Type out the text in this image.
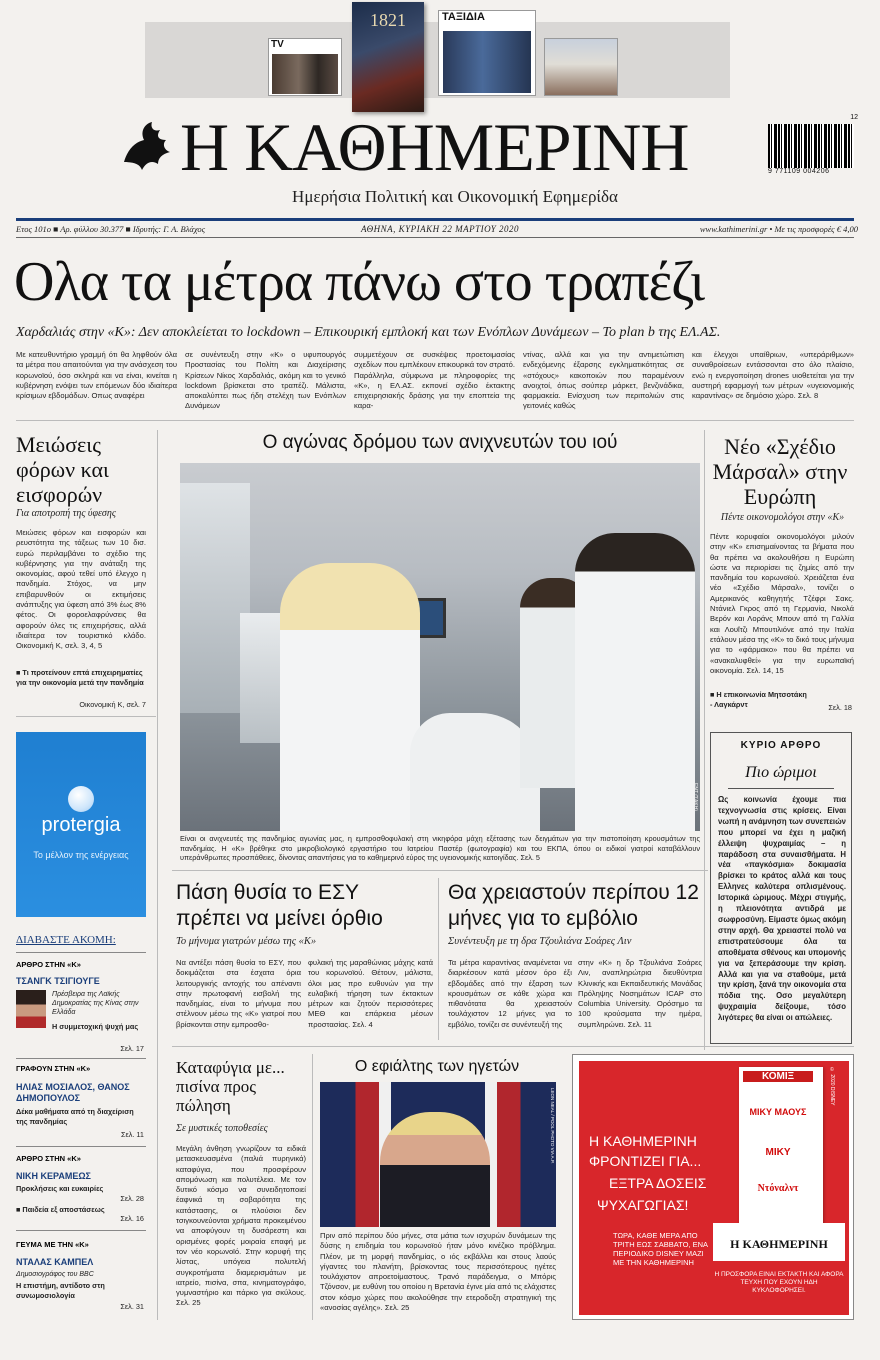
TV
1821	ΤΑΞΙΔΙΑ
Η ΚΑΘΗΜΕΡΙΝΗ
Ημερήσια Πολιτική και Οικονομική Εφημερίδα
12
9 771109 004206
Ετος 101ο ■ Αρ. φύλλου 30.377 ■ Ιδρυτής: Γ. Α. Βλάχος	ΑΘΗΝΑ, ΚΥΡΙΑΚΗ 22 ΜΑΡΤΙΟΥ 2020	www.kathimerini.gr • Με τις προσφορές € 4,00
Ολα τα μέτρα πάνω στο τραπέζι
Χαρδαλιάς στην «Κ»: Δεν αποκλείεται το lockdown – Επικουρική εμπλοκή και των Ενόπλων Δυνάμεων – Το plan b της ΕΛ.ΑΣ.
Με κατευθυντήριο γραμμή ότι θα ληφθούν όλα τα μέτρα που απαιτούνται για την ανάσχεση του κορωνοϊού, όσο σκληρά και να είναι, κινείται η κυβέρνηση ενόψει των επόμενων δύο ιδιαίτερα κρίσιμων εβδομάδων. Οπως αναφέρει
σε συνέντευξη στην «Κ» ο υφυπουργός Προστασίας του Πολίτη και Διαχείρισης Κρίσεων Νίκος Χαρδαλιάς, ακόμη και το γενικό lockdown βρίσκεται στο τραπέζι. Μάλιστα, αποκαλύπτει πως ήδη στελέχη των Ενόπλων Δυνάμεων
συμμετέχουν σε συσκέψεις προετοιμασίας σχεδίων που εμπλέκουν επικουρικά τον στρατό. Παράλληλα, σύμφωνα με πληροφορίες της «Κ», η ΕΛ.ΑΣ. εκπονεί σχέδιο έκτακτης επιχειρησιακής δράσης για την εποπτεία της καρα-
ντίνας, αλλά και για την αντιμετώπιση ενδεχόμενης έξαρσης εγκληματικότητας σε «στόχους» κακοποιών που παραμένουν ανοιχτοί, όπως σούπερ μάρκετ, βενζινάδικα, φαρμακεία. Ενίσχυση των περιπολιών στις γειτονιές καθώς
και έλεγχοι υπαίθριων, «υπεράριθμων» συναθροίσεων εντάσσονται στο όλο πλαίσιο, ενώ η ενεργοποίηση drones υιοθετείται για την αυστηρή εφαρμογή των μέτρων «υγειονομικής καραντίνας» σε δημόσιο χώρο. Σελ. 8
Μειώσεις φόρων και εισφορών
Για αποτροπή της ύφεσης
Μειώσεις φόρων και εισφορών και ρευστότητα της τάξεως των 10 δισ. ευρώ περιλαμβάνει το σχέδιο της κυβέρνησης για την ανάταξη της οικονομίας, αφού τεθεί υπό έλεγχο η πανδημία. Στόχος, να μην επιβαρυνθούν οι εκτιμήσεις ανάπτυξης για ύφεση από 3% έως 8% φέτος. Οι φοροελαφρύνσεις θα αφορούν όλες τις επιχειρήσεις, αλλά ιδιαίτερα τον τουριστικό κλάδο. Οικονομική Κ, σελ. 3, 4, 5
■ Τι προτείνουν επτά επιχειρηματίες για την οικονομία μετά την πανδημία
Οικονομική Κ, σελ. 7
protergia
Το μέλλον της ενέργειας
ΔΙΑΒΑΣΤΕ ΑΚΟΜΗ:
ΑΡΘΡΟ ΣΤΗΝ «Κ»
ΤΣΑΝΓΚ ΤΣΙΓΙΟΥΓΕ
Πρέσβειρα της Λαϊκής Δημοκρατίας της Κίνας στην Ελλάδα
Η συμμετοχική ψυχή μας
Σελ. 17
ΓΡΑΦΟΥΝ ΣΤΗΝ «Κ»
ΗΛΙΑΣ ΜΟΣΙΑΛΟΣ, ΘΑΝΟΣ ΔΗΜΟΠΟΥΛΟΣ
Δέκα μαθήματα από τη διαχείριση της πανδημίας
Σελ. 11
ΑΡΘΡΟ ΣΤΗΝ «Κ»
ΝΙΚΗ ΚΕΡΑΜΕΩΣ
Προκλήσεις και ευκαιρίες
Σελ. 28
■ Παιδεία εξ αποστάσεως
Σελ. 16
ΓΕΥΜΑ ΜΕ ΤΗΝ «Κ»
ΝΤΑΛΑΣ ΚΑΜΠΕΛ
Δημοσιογράφος του BBC
Η επιστήμη, αντίδοτο στη συνωμοσιολογία
Σελ. 31
Ο αγώνας δρόμου των ανιχνευτών του ιού
ΕΝΤ (ΣΑΚΗ)
Είναι οι ανιχνευτές της πανδημίας αγωνίας μας, η εμπροσθοφυλακή στη νικηφόρα μάχη εξέτασης των δειγμάτων για την πιστοποίηση κρουσμάτων της πανδημίας. Η «Κ» βρέθηκε στο μικροβιολογικό εργαστήριο του Ιατρείου Παστέρ (φωτογραφία) και του ΕΚΠΑ, όπου οι ειδικοί γιατροί καταβάλλουν υπεράνθρωπες προσπάθειες, δίνοντας απαντήσεις για το καθημερινό εύρος της υγειονομικής κατοιγίδας. Σελ. 5
Νέο «Σχέδιο Μάρσαλ» στην Ευρώπη
Πέντε οικονομολόγοι στην «Κ»
Πέντε κορυφαίοι οικονομολόγοι μιλούν στην «Κ» επισημαίνοντας τα βήματα που θα πρέπει να ακολουθήσει η Ευρώπη ώστε να περιορίσει τις ζημίες από την πανδημία του κορωνοϊού. Χρειάζεται ένα νέο «Σχέδιο Μάρσαλ», τονίζει ο Αμερικανός καθηγητής Τζέφρι Σακς. Ντάνιελ Γκρος από τη Γερμανία, Νικολά Βερόν και Λοράνς Μπουν από τη Γαλλία και Λουΐτζι Μπουτιλιόνε από την Ιταλία ετάλουν μέσα της «Κ» το δικό τους μήνυμα για το «φάρμακο» που θα πρέπει να «ανακαλυφθεί» για την ευρωπαϊκή οικονομία. Σελ. 14, 15
■ Η επικοινωνία Μητσοτάκη - Λαγκάρντ	Σελ. 18
ΚΥΡΙΟ ΑΡΘΡΟ
Πιο ώριμοι
Ως κοινωνία έχουμε πια τεχνογνωσία στις κρίσεις. Είναι νωπή η ανάμνηση των συνεπειών που μπορεί να έχει η μαζική έλλειψη ψυχραιμίας – η παράδοση στα συναισθήματα. Η νέα «παγκόσμια» δοκιμασία βρίσκει το κράτος αλλά και τους Ελληνες καλύτερα οπλισμένους. Ιστορικά ώριμους. Μέχρι στιγμής, η πλειονότητα αντιδρά με σωφροσύνη. Είμαστε όμως ακόμη στην αρχή. Θα χρειαστεί πολύ να επιστρατεύσουμε όλα τα αποθέματα σθένους και υπομονής για να ξεπεράσουμε την κρίση. Αλλά και για να σταθούμε, μετά την κρίση, ξανά την οικονομία στα πόδια της. Οσο μεγαλύτερη ψυχραιμία δείξουμε, τόσο λιγότερες θα είναι οι απώλειες.
Πάση θυσία το ΕΣΥ πρέπει να μείνει όρθιο
Το μήνυμα γιατρών μέσω της «Κ»
Να αντέξει πάση θυσία το ΕΣΥ, που δοκιμάζεται στα έσχατα όρια λειτουργικής αντοχής του απέναντι στην πρωτοφανή εισβολή της πανδημίας, είναι το μήνυμα που στέλνουν μέσω της «Κ» γιατροί που βρίσκονται στην εμπροσθο-
φυλακή της μαραθώνιας μάχης κατά του κορωνοϊού. Θέτουν, μάλιστα, όλοι μας προ ευθυνών για την ευλαβική τήρηση των έκτακτων μέτρων και ζητούν περισσότερες ΜΕΘ και επάρκεια μέσων προστασίας. Σελ. 4
Θα χρειαστούν περίπου 12 μήνες για το εμβόλιο
Συνέντευξη με τη δρα Τζουλιάνα Σοάρες Λιν
Τα μέτρα καραντίνας αναμένεται να διαρκέσουν κατά μέσον όρο έξι εβδομάδες από την έξαρση των κρουσμάτων σε κάθε χώρα και πιθανότατα θα χρειαστούν τουλάχιστον 12 μήνες για το εμβόλιο, τονίζει σε συνέντευξή της
στην «Κ» η δρ Τζουλιάνα Σοάρες Λιν, αναπληρώτρια διευθύντρια Κλινικής και Εκπαιδευτικής Μονάδας Πρόληψης Νοσημάτων ICAP στο Columbia University. Ορόσημο τα 100 κρούσματα την ημέρα, συμπληρώνει. Σελ. 11
Καταφύγια με... πισίνα προς πώληση
Σε μυστικές τοποθεσίες
Μεγάλη άνθηση γνωρίζουν τα ειδικά μετασκευασμένα (παλιά πυρηνικά) καταφύγια, που προσφέρουν απομόνωση και πολυτέλεια. Με τον δυτικό κόσμο να συνειδητοποιεί έαφνικά τη σοβαρότητα της κατάστασης, οι πλούσιοι δεν τσιγκουνεύονται χρήματα προκειμένου να αποφύγουν τη δυσάρεστη και ορισμένες φορές μοιραία επαφή με τον νέο κορωνοϊό. Στην κορυφή της λίστας, υπόγεια πολυτελή συγκροτήματα διαμερισμάτων με ιατρείο, πισίνα, σπα, κινηματογράφο, γυμναστήριο και πάρκο για σκύλους. Σελ. 25
Ο εφιάλτης των ηγετών
LEON NEAL / POOL PHOTO VIA A.P.
Πριν από περίπου δύο μήνες, στα μάτια των ισχυρών δυνάμεων της δύσης η επιδημία του κορωνοϊού ήταν μόνο κινέζικο πρόβλημα. Πλέον, με τη μορφή πανδημίας, ο ιός εκβάλλει και στους λαούς γίγαντες του πλανήτη, βρίσκοντας τους περισσότερους ηγέτες τουλάχιστον απροετοίμαστους. Τρανό παράδειγμα, ο Μπόρις Τζόνσον, με ευθύνη του οποίου η Βρετανία έγινε μία από τις ελάχιστες στον κόσμο χώρες που ακολούθησε την ετεροδοξη στρατηγική της «ανοσίας αγέλης». Σελ. 25
Η ΚΑΘΗΜΕΡΙΝΗ
ΦΡΟΝΤΙΖΕΙ ΓΙΑ...
ΕΞΤΡΑ ΔΟΣΕΙΣ
ΨΥΧΑΓΩΓΙΑΣ!
ΚΟΜΙΞ
ΜΙΚΥ ΜΑΟΥΣ
ΜΙΚΥ
Ντόναλντ
© 2020 DISNEY
ΤΩΡΑ, ΚΑΘΕ ΜΕΡΑ ΑΠΟ ΤΡΙΤΗ ΕΩΣ ΣΑΒΒΑΤΟ, ΕΝΑ ΠΕΡΙΟΔΙΚΟ DISNEY ΜΑΖΙ ΜΕ ΤΗΝ ΚΑΘΗΜΕΡΙΝΗ
Η ΚΑΘΗΜΕΡΙΝΗ
Η ΠΡΟΣΦΟΡΑ ΕΙΝΑΙ ΕΚΤΑΚΤΗ ΚΑΙ ΑΦΟΡΑ ΤΕΥΧΗ ΠΟΥ ΕΧΟΥΝ ΗΔΗ ΚΥΚΛΟΦΟΡΗΣΕΙ.
